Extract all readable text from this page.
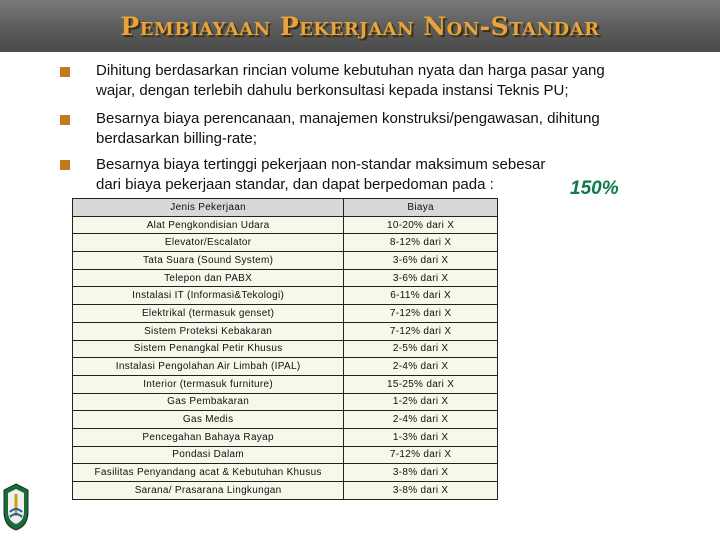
Pembiayaan Pekerjaan Non-Standar
Dihitung berdasarkan rincian volume kebutuhan nyata dan harga pasar yang
wajar, dengan terlebih dahulu berkonsultasi kepada instansi Teknis PU;
Besarnya biaya perencanaan, manajemen konstruksi/pengawasan, dihitung
berdasarkan billing-rate;
Besarnya biaya tertinggi pekerjaan non-standar maksimum sebesar
dari biaya pekerjaan standar, dan dapat berpedoman pada :	150%
Jenis Pekerjaan	Biaya
Alat Pengkondisian Udara	10-20% dari X
Elevator/Escalator	8-12% dari X
Tata Suara (Sound System)	3-6% dari X
Telepon dan PABX	3-6% dari X
Instalasi IT (Informasi&Tekologi)	6-11% dari X
Elektrikal (termasuk genset)	7-12% dari X
Sistem Proteksi Kebakaran	7-12% dari X
Sistem Penangkal Petir Khusus	2-5% dari X
Instalasi Pengolahan Air Limbah (IPAL)	2-4% dari X
Interior (termasuk furniture)	15-25% dari X
Gas Pembakaran	1-2% dari X
Gas Medis	2-4% dari X
Pencegahan Bahaya Rayap	1-3% dari X
Pondasi Dalam	7-12% dari X
Fasilitas Penyandang acat & Kebutuhan Khusus	3-8% dari X
Sarana/ Prasarana Lingkungan	3-8% dari X
